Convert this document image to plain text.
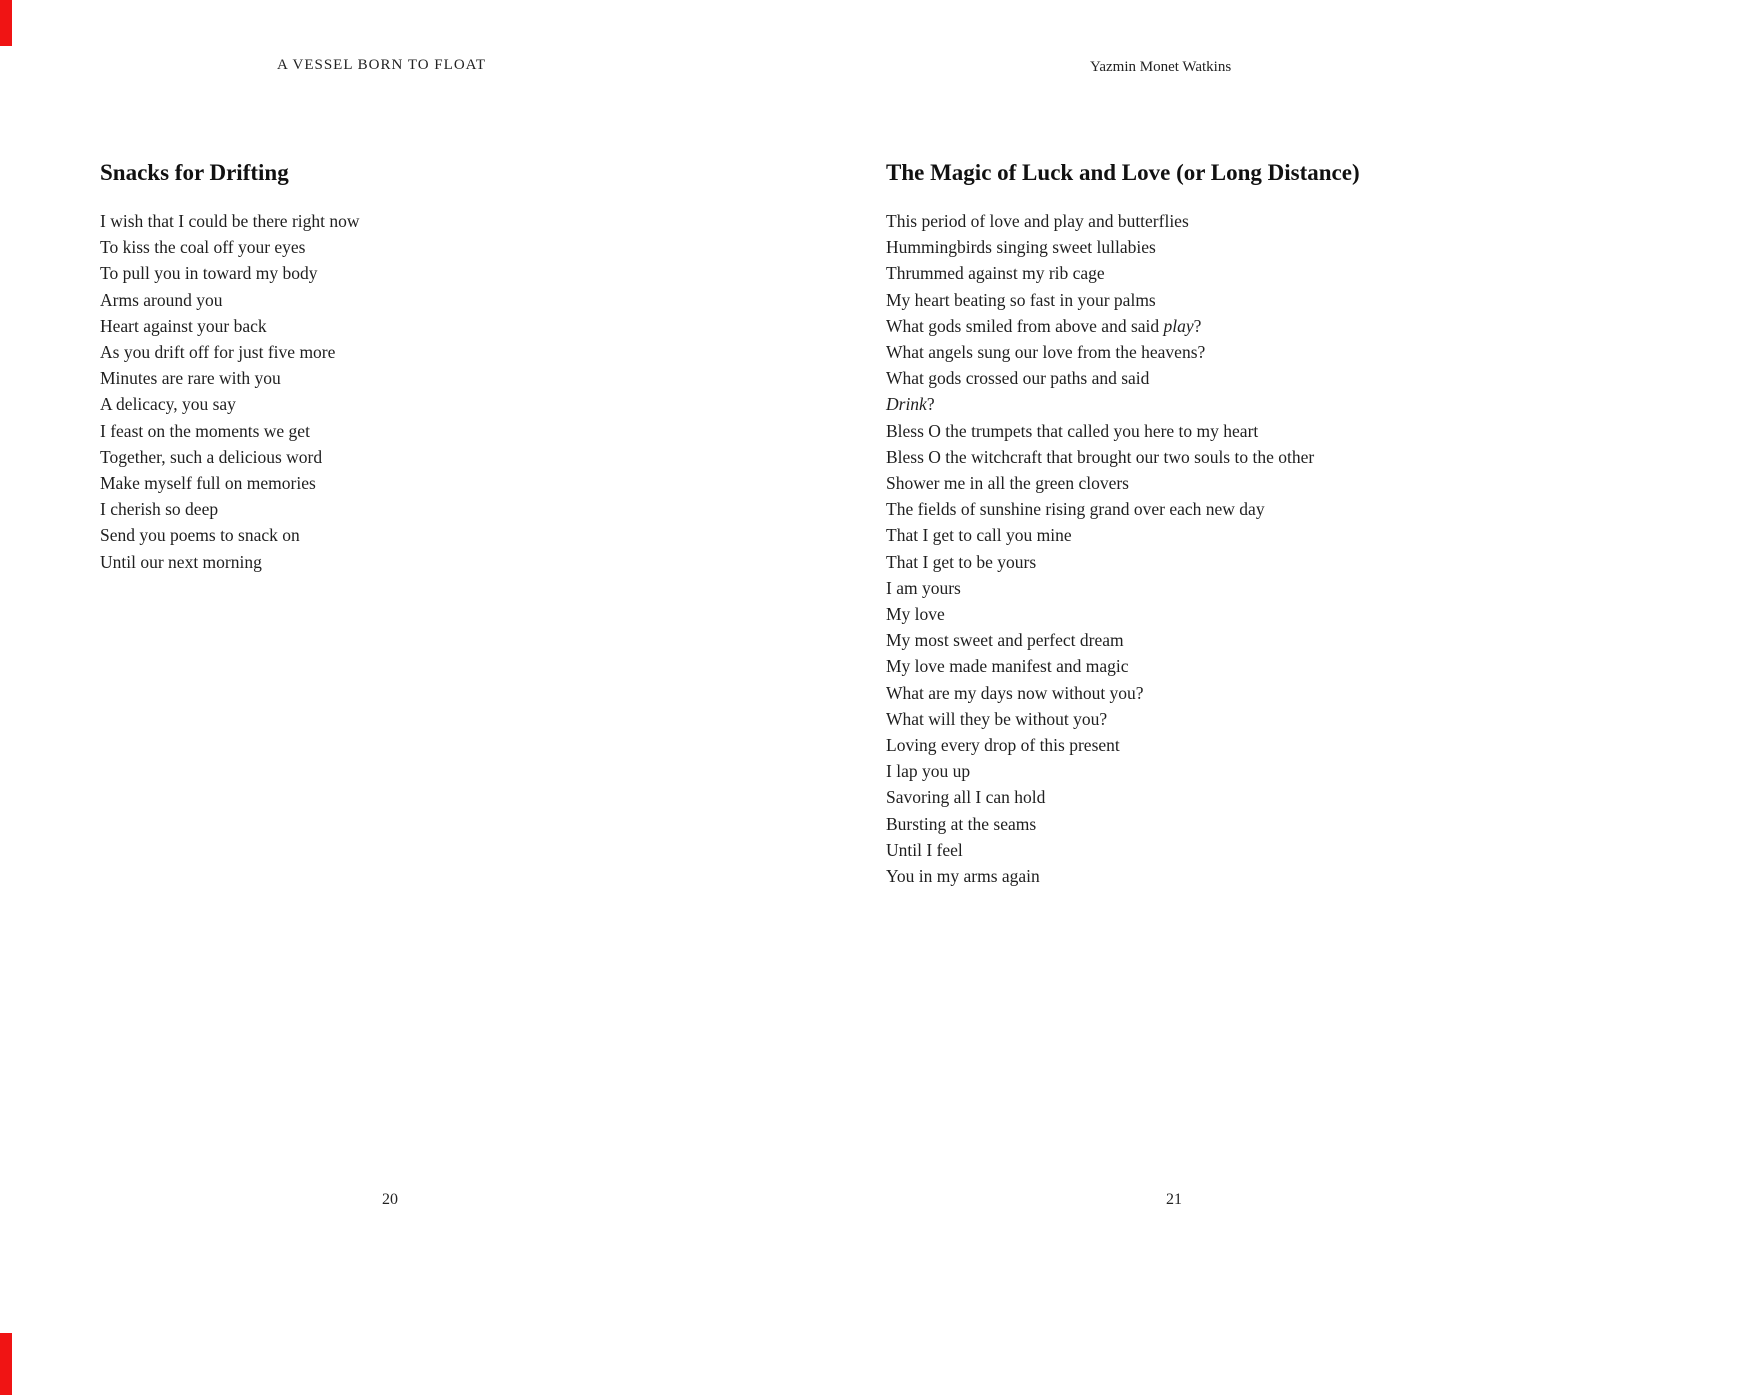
A VESSEL BORN TO FLOAT	Yazmin Monet Watkins
Snacks for Drifting
I wish that I could be there right now
To kiss the coal off your eyes
To pull you in toward my body
Arms around you
Heart against your back
As you drift off for just five more
Minutes are rare with you
A delicacy, you say
I feast on the moments we get
Together, such a delicious word
Make myself full on memories
I cherish so deep
Send you poems to snack on
Until our next morning
The Magic of Luck and Love (or Long Distance)
This period of love and play and butterflies
Hummingbirds singing sweet lullabies
Thrummed against my rib cage
My heart beating so fast in your palms
What gods smiled from above and said play?
What angels sung our love from the heavens?
What gods crossed our paths and said
Drink?
Bless O the trumpets that called you here to my heart
Bless O the witchcraft that brought our two souls to the other
Shower me in all the green clovers
The fields of sunshine rising grand over each new day
That I get to call you mine
That I get to be yours
I am yours
My love
My most sweet and perfect dream
My love made manifest and magic
What are my days now without you?
What will they be without you?
Loving every drop of this present
I lap you up
Savoring all I can hold
Bursting at the seams
Until I feel
You in my arms again
20	21
